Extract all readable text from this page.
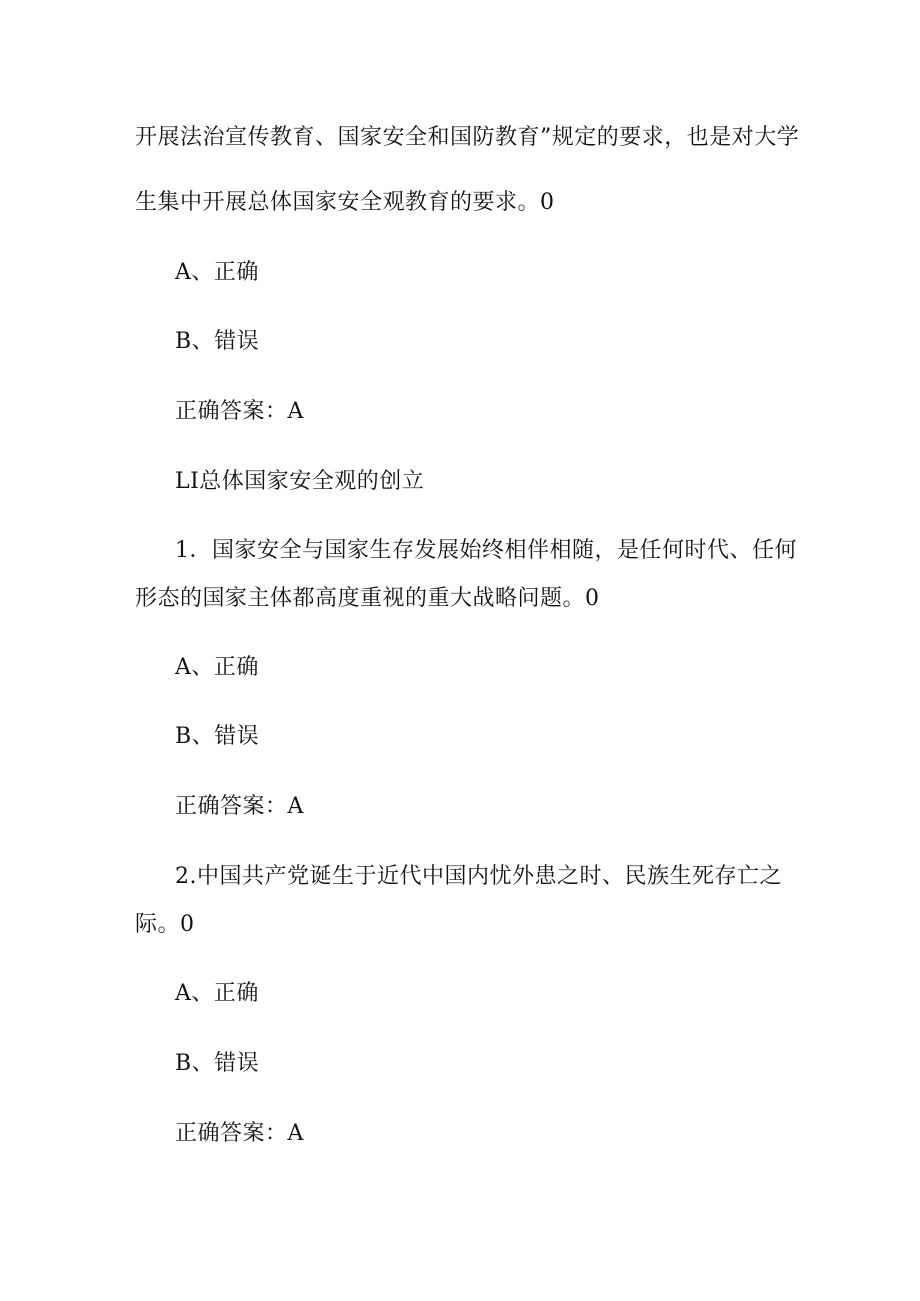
开展法治宣传教育、国家安全和国防教育”规定的要求，也是对大学
生集中开展总体国家安全观教育的要求。0
A、正确
B、错误
正确答案：A
LI总体国家安全观的创立
1．国家安全与国家生存发展始终相伴相随，是任何时代、任何
形态的国家主体都高度重视的重大战略问题。0
A、正确
B、错误
正确答案：A
2.中国共产党诞生于近代中国内忧外患之时、民族生死存亡之
际。0
A、正确
B、错误
正确答案：A
